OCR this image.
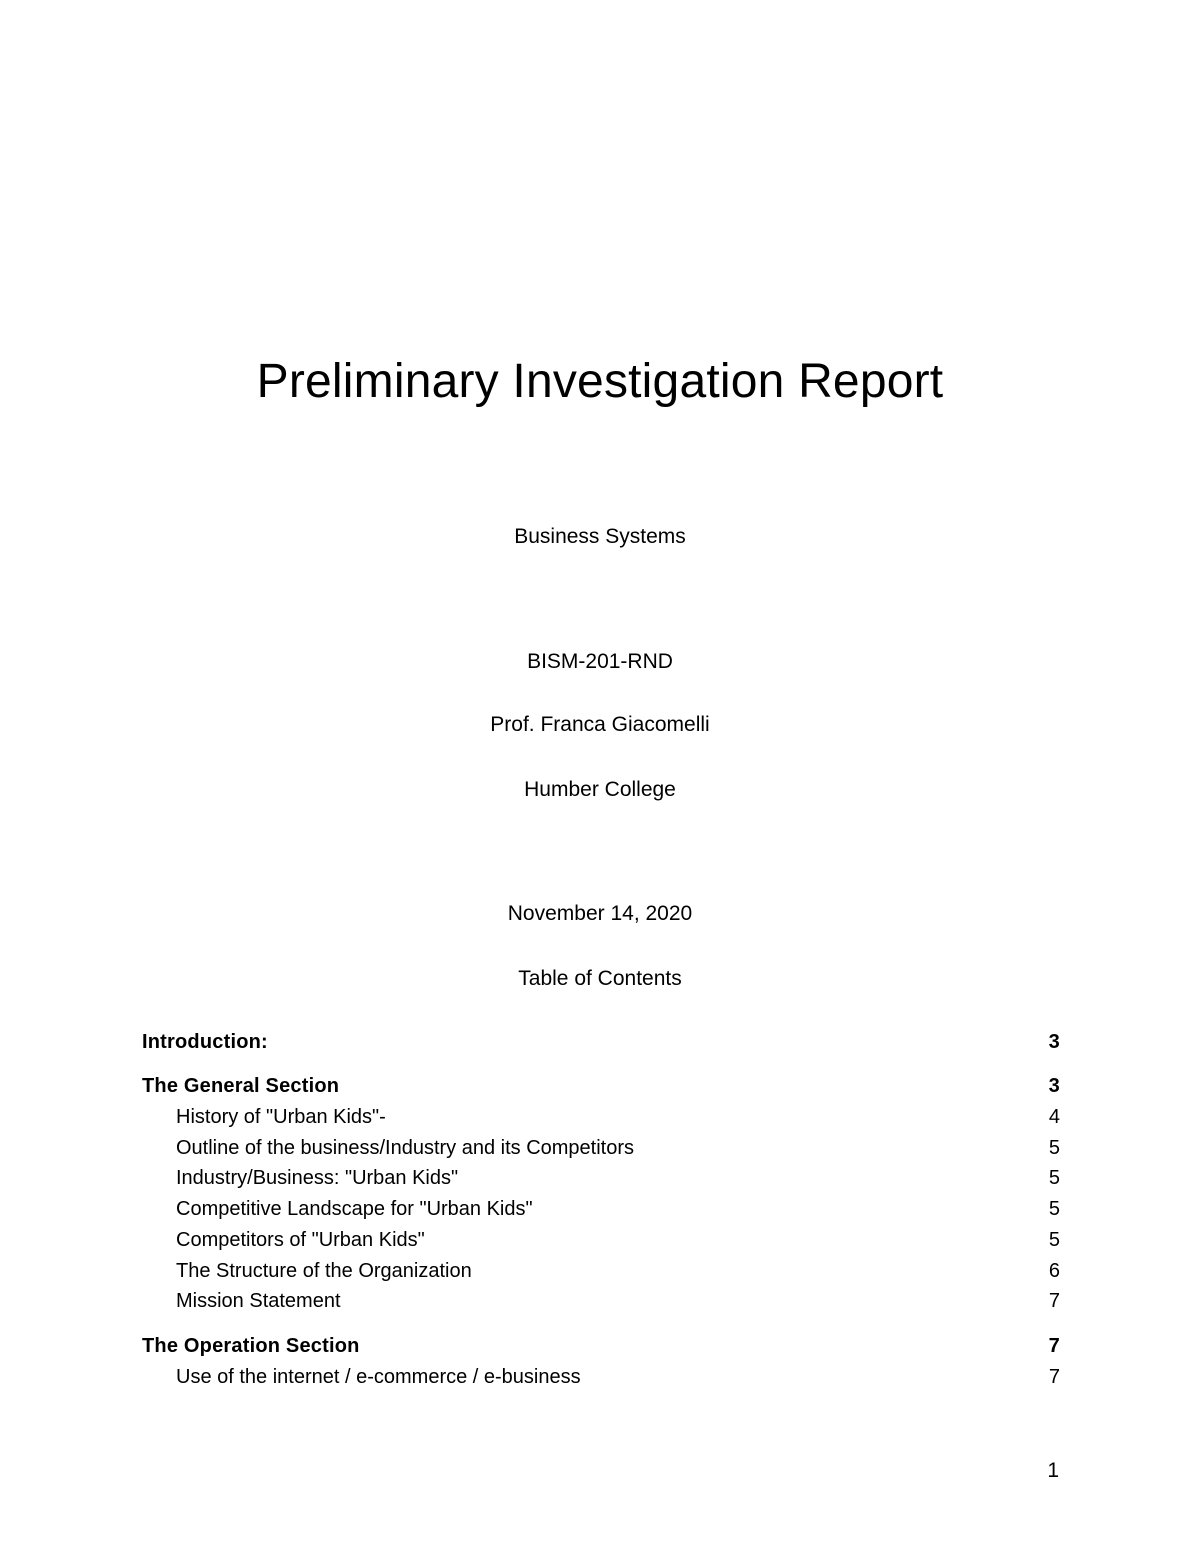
Preliminary Investigation Report
Business Systems
BISM-201-RND
Prof. Franca Giacomelli
Humber College
November 14, 2020
Table of Contents
Introduction:	3
The General Section	3
History of "Urban Kids"-	4
Outline of the business/Industry and its Competitors	5
Industry/Business: "Urban Kids"	5
Competitive Landscape for "Urban Kids"	5
Competitors of "Urban Kids"	5
The Structure of the Organization	6
Mission Statement	7
The Operation Section	7
Use of the internet / e-commerce / e-business	7
1
